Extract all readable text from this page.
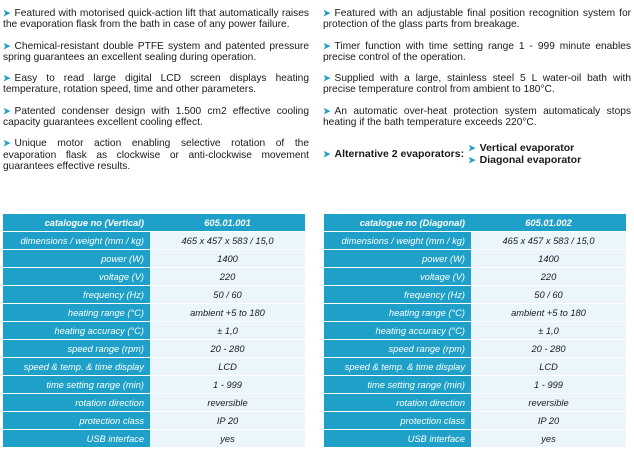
➤ Featured with motorised quick-action lift that automatically raises the evaporation flask from the bath in case of any power failure.

➤ Chemical-resistant double PTFE system and patented pressure spring guarantees an excellent sealing during operation.

➤ Easy to read large digital LCD screen displays heating temperature, rotation speed, time and other parameters.

➤ Patented condenser design with 1.500 cm2 effective cooling capacity guarantees excellent cooling effect.

➤ Unique motor action enabling selective rotation of the evaporation flask as clockwise or anti-clockwise movement guarantees effective results.

➤ Featured with an adjustable final position recognition system for protection of the glass parts from breakage.

➤ Timer function with time setting range 1 - 999 minute enables precise control of the operation.

➤ Supplied with a large, stainless steel 5 L water-oil bath with precise temperature control from ambient to 180°C.

➤ An automatic over-heat protection system automaticaly stops heating if the bath temperature exceeds 220°C.

➤ Alternative 2 evaporators: ➤ Vertical evaporator
➤ Diagonal evaporator
catalogue no (Vertical)	605.01.001
dimensions / weight (mm / kg)	465 x 457 x 583 / 15,0
power (W)	1400
voltage (V)	220
frequency (Hz)	50 / 60
heating range (°C)	ambient +5 to 180
heating accuracy (°C)	± 1,0
speed range (rpm)	20 - 280
speed & temp. & time display	LCD
time setting range (min)	1 - 999
rotation direction	reversible
protection class	IP 20
USB interface	yes
catalogue no (Diagonal)	605.01.002
dimensions / weight (mm / kg)	465 x 457 x 583 / 15,0
power (W)	1400
voltage (V)	220
frequency (Hz)	50 / 60
heating range (°C)	ambient +5 to 180
heating accuracy (°C)	± 1,0
speed range (rpm)	20 - 280
speed & temp. & time display	LCD
time setting range (min)	1 - 999
rotation direction	reversible
protection class	IP 20
USB interface	yes
